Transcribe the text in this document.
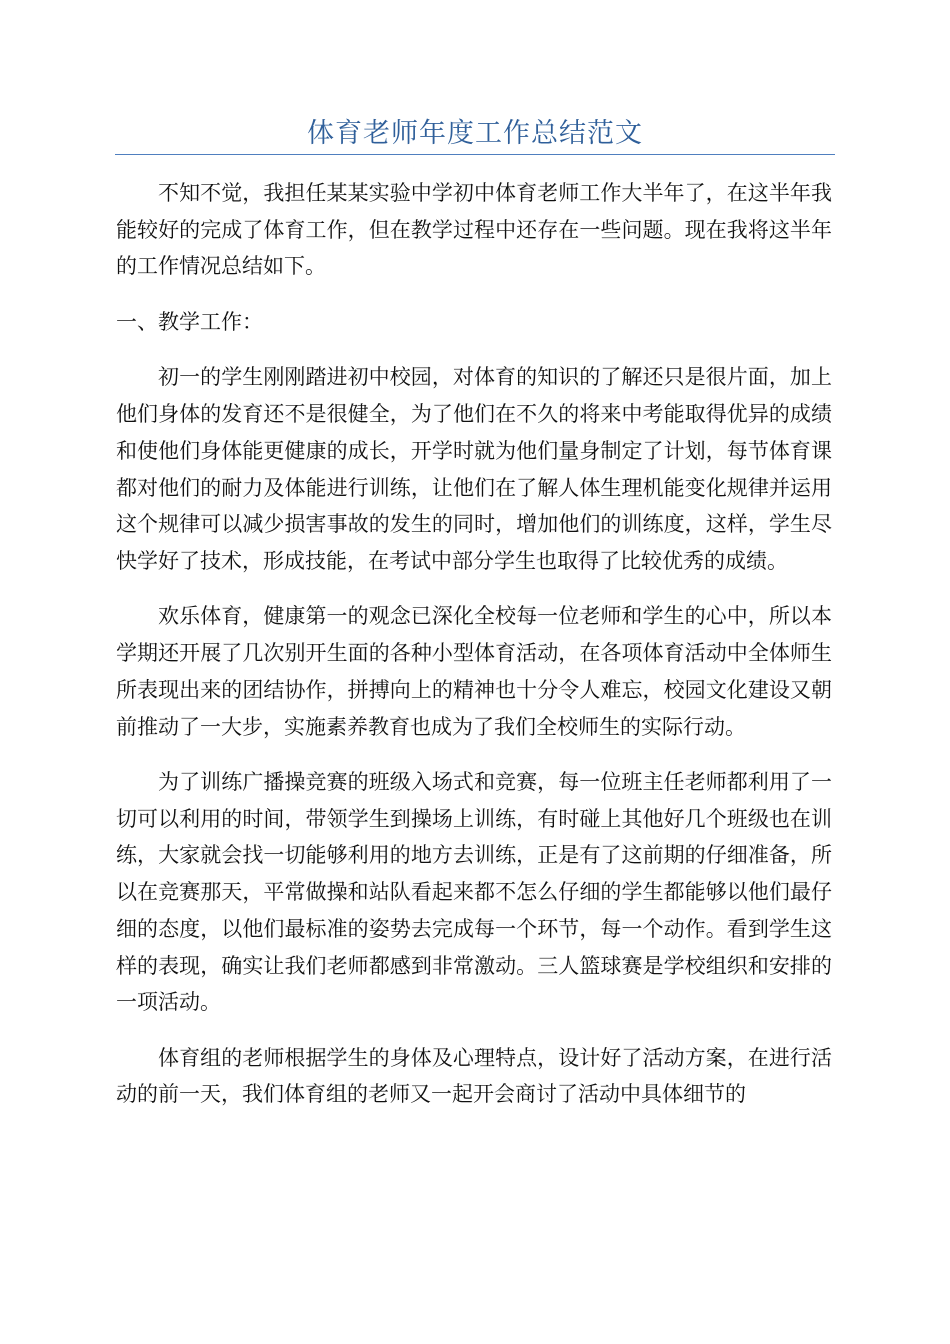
体育老师年度工作总结范文

不知不觉，我担任某某实验中学初中体育老师工作大半年了，在这半年我能较好的完成了体育工作，但在教学过程中还存在一些问题。现在我将这半年的工作情况总结如下。

一、教学工作：

初一的学生刚刚踏进初中校园，对体育的知识的了解还只是很片面，加上他们身体的发育还不是很健全，为了他们在不久的将来中考能取得优异的成绩和使他们身体能更健康的成长，开学时就为他们量身制定了计划，每节体育课都对他们的耐力及体能进行训练，让他们在了解人体生理机能变化规律并运用这个规律可以减少损害事故的发生的同时，增加他们的训练度，这样，学生尽快学好了技术，形成技能，在考试中部分学生也取得了比较优秀的成绩。

欢乐体育，健康第一的观念已深化全校每一位老师和学生的心中，所以本学期还开展了几次别开生面的各种小型体育活动，在各项体育活动中全体师生所表现出来的团结协作，拼搏向上的精神也十分令人难忘，校园文化建设又朝前推动了一大步，实施素养教育也成为了我们全校师生的实际行动。

为了训练广播操竞赛的班级入场式和竞赛，每一位班主任老师都利用了一切可以利用的时间，带领学生到操场上训练，有时碰上其他好几个班级也在训练，大家就会找一切能够利用的地方去训练，正是有了这前期的仔细准备，所以在竞赛那天，平常做操和站队看起来都不怎么仔细的学生都能够以他们最仔细的态度，以他们最标准的姿势去完成每一个环节，每一个动作。看到学生这样的表现，确实让我们老师都感到非常激动。三人篮球赛是学校组织和安排的一项活动。

体育组的老师根据学生的身体及心理特点，设计好了活动方案，在进行活动的前一天，我们体育组的老师又一起开会商讨了活动中具体细节的
